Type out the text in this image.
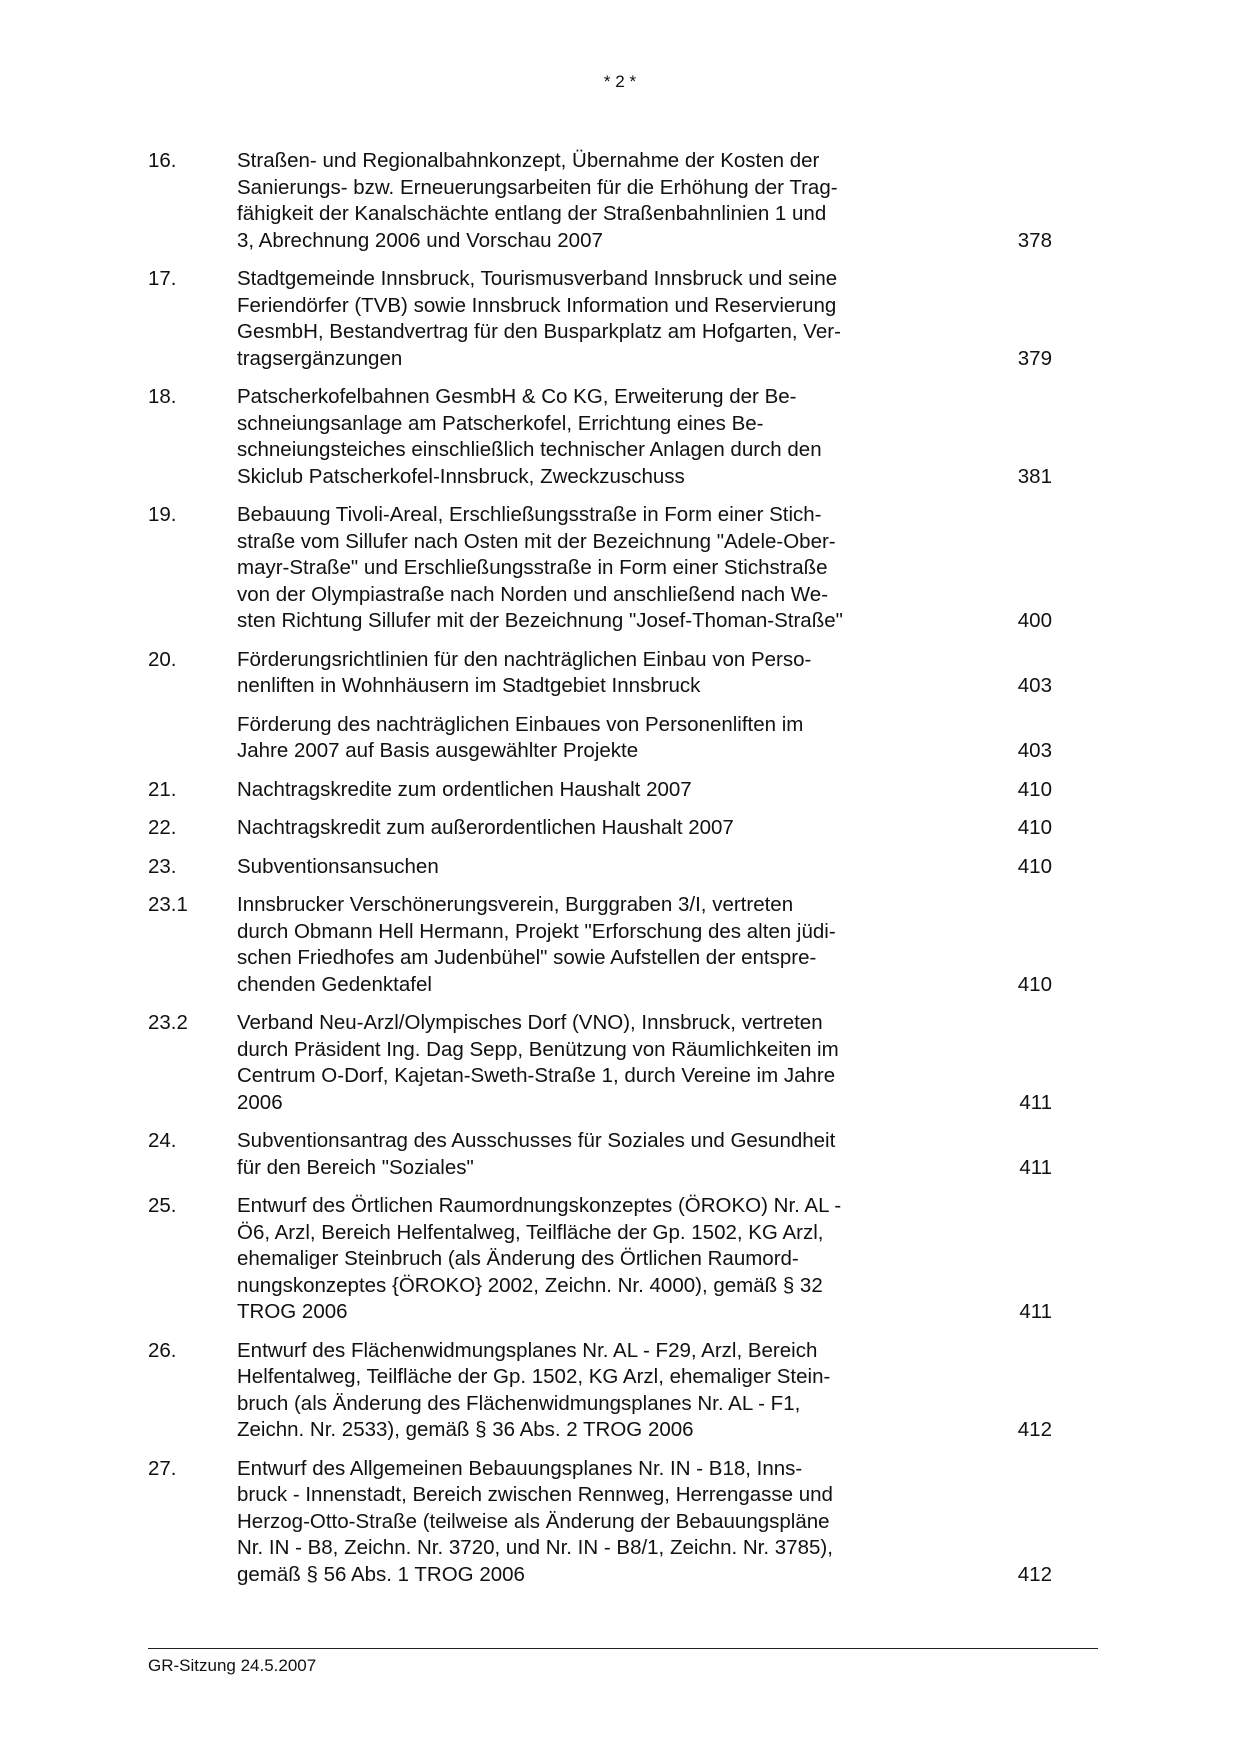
* 2 *
16.	Straßen- und Regionalbahnkonzept, Übernahme der Kosten der
Sanierungs- bzw. Erneuerungsarbeiten für die Erhöhung der Trag-
fähigkeit der Kanalschächte entlang der Straßenbahnlinien 1 und
3, Abrechnung 2006 und Vorschau 2007	378
17.	Stadtgemeinde Innsbruck, Tourismusverband Innsbruck und seine
Feriendörfer (TVB) sowie Innsbruck Information und Reservierung
GesmbH, Bestandvertrag für den Busparkplatz am Hofgarten, Ver-
tragsergänzungen	379
18.	Patscherkofelbahnen GesmbH & Co KG, Erweiterung der Be-
schneiungsanlage am Patscherkofel, Errichtung eines Be-
schneiungsteiches einschließlich technischer Anlagen durch den
Skiclub Patscherkofel-Innsbruck, Zweckzuschuss	381
19.	Bebauung Tivoli-Areal, Erschließungsstraße in Form einer Stich-
straße vom Sillufer nach Osten mit der Bezeichnung "Adele-Ober-
mayr-Straße" und Erschließungsstraße in Form einer Stichstraße
von der Olympiastraße nach Norden und anschließend nach We-
sten Richtung Sillufer mit der Bezeichnung "Josef-Thoman-Straße"	400
20.	Förderungsrichtlinien für den nachträglichen Einbau von Perso-
nenliften in Wohnhäusern im Stadtgebiet Innsbruck	403
Förderung des nachträglichen Einbaues von Personenliften im
Jahre 2007 auf Basis ausgewählter Projekte	403
21.	Nachtragskredite zum ordentlichen Haushalt 2007	410
22.	Nachtragskredit zum außerordentlichen Haushalt 2007	410
23.	Subventionsansuchen	410
23.1	Innsbrucker Verschönerungsverein, Burggraben 3/I, vertreten
durch Obmann Hell Hermann, Projekt "Erforschung des alten jüdi-
schen Friedhofes am Judenbühel" sowie Aufstellen der entspre-
chenden Gedenktafel	410
23.2	Verband Neu-Arzl/Olympisches Dorf (VNO), Innsbruck, vertreten
durch Präsident Ing. Dag Sepp, Benützung von Räumlichkeiten im
Centrum O-Dorf, Kajetan-Sweth-Straße 1, durch Vereine im Jahre
2006	411
24.	Subventionsantrag des Ausschusses für Soziales und Gesundheit
für den Bereich "Soziales"	411
25.	Entwurf des Örtlichen Raumordnungskonzeptes (ÖROKO) Nr. AL -
Ö6, Arzl, Bereich Helfentalweg, Teilfläche der Gp. 1502, KG Arzl,
ehemaliger Steinbruch (als Änderung des Örtlichen Raumord-
nungskonzeptes {ÖROKO} 2002, Zeichn. Nr. 4000), gemäß § 32
TROG 2006	411
26.	Entwurf des Flächenwidmungsplanes Nr. AL - F29, Arzl, Bereich
Helfentalweg, Teilfläche der Gp. 1502, KG Arzl, ehemaliger Stein-
bruch (als Änderung des Flächenwidmungsplanes Nr. AL - F1,
Zeichn. Nr. 2533), gemäß § 36 Abs. 2 TROG 2006	412
27.	Entwurf des Allgemeinen Bebauungsplanes Nr. IN - B18, Inns-
bruck - Innenstadt, Bereich zwischen Rennweg, Herrengasse und
Herzog-Otto-Straße (teilweise als Änderung der Bebauungspläne
Nr. IN - B8, Zeichn. Nr. 3720, und Nr. IN - B8/1, Zeichn. Nr. 3785),
gemäß § 56 Abs. 1 TROG 2006	412
GR-Sitzung 24.5.2007
